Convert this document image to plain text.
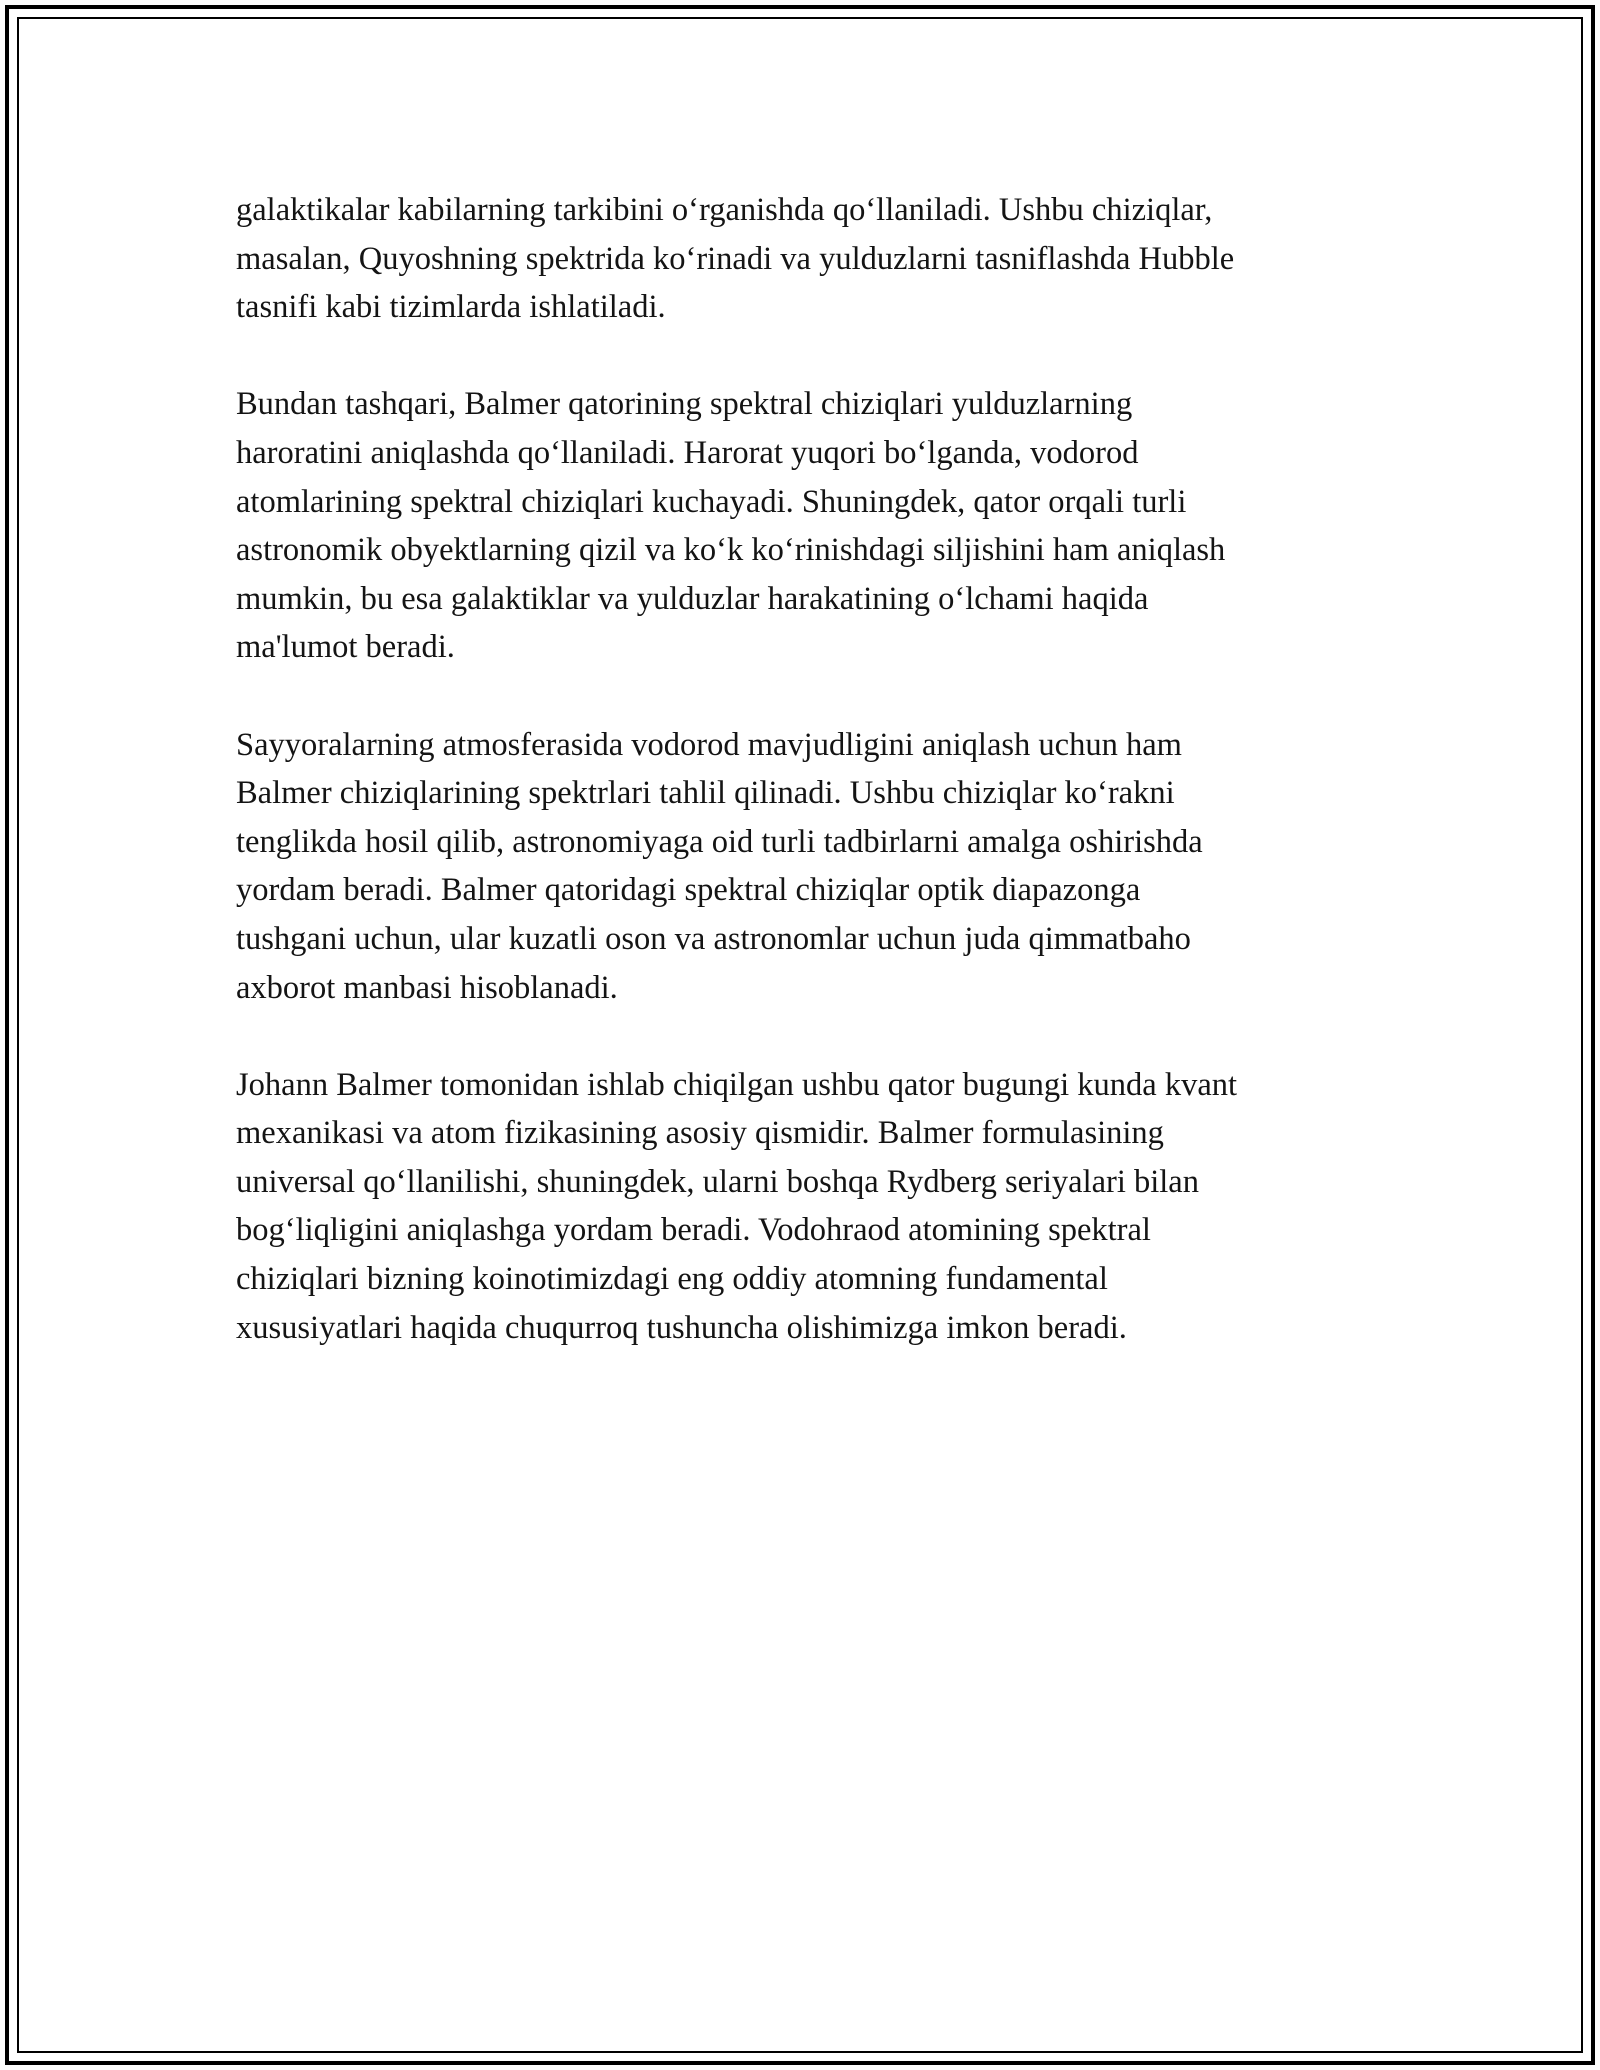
galaktikalar kabilarning tarkibini o‘rganishda qo‘llaniladi. Ushbu chiziqlar,
masalan, Quyoshning spektrida ko‘rinadi va yulduzlarni tasniflashda Hubble
tasnifi kabi tizimlarda ishlatiladi.

Bundan tashqari, Balmer qatorining spektral chiziqlari yulduzlarning
haroratini aniqlashda qo‘llaniladi. Harorat yuqori bo‘lganda, vodorod
atomlarining spektral chiziqlari kuchayadi. Shuningdek, qator orqali turli
astronomik obyektlarning qizil va ko‘k ko‘rinishdagi siljishini ham aniqlash
mumkin, bu esa galaktiklar va yulduzlar harakatining o‘lchami haqida
ma'lumot beradi.

Sayyoralarning atmosferasida vodorod mavjudligini aniqlash uchun ham
Balmer chiziqlarining spektrlari tahlil qilinadi. Ushbu chiziqlar ko‘rakni
tenglikda hosil qilib, astronomiyaga oid turli tadbirlarni amalga oshirishda
yordam beradi. Balmer qatoridagi spektral chiziqlar optik diapazonga
tushgani uchun, ular kuzatli oson va astronomlar uchun juda qimmatbaho
axborot manbasi hisoblanadi.

Johann Balmer tomonidan ishlab chiqilgan ushbu qator bugungi kunda kvant
mexanikasi va atom fizikasining asosiy qismidir. Balmer formulasining
universal qo‘llanilishi, shuningdek, ularni boshqa Rydberg seriyalari bilan
bog‘liqligini aniqlashga yordam beradi. Vodohraod atomining spektral
chiziqlari bizning koinotimizdagi eng oddiy atomning fundamental
xususiyatlari haqida chuqurroq tushuncha olishimizga imkon beradi.
